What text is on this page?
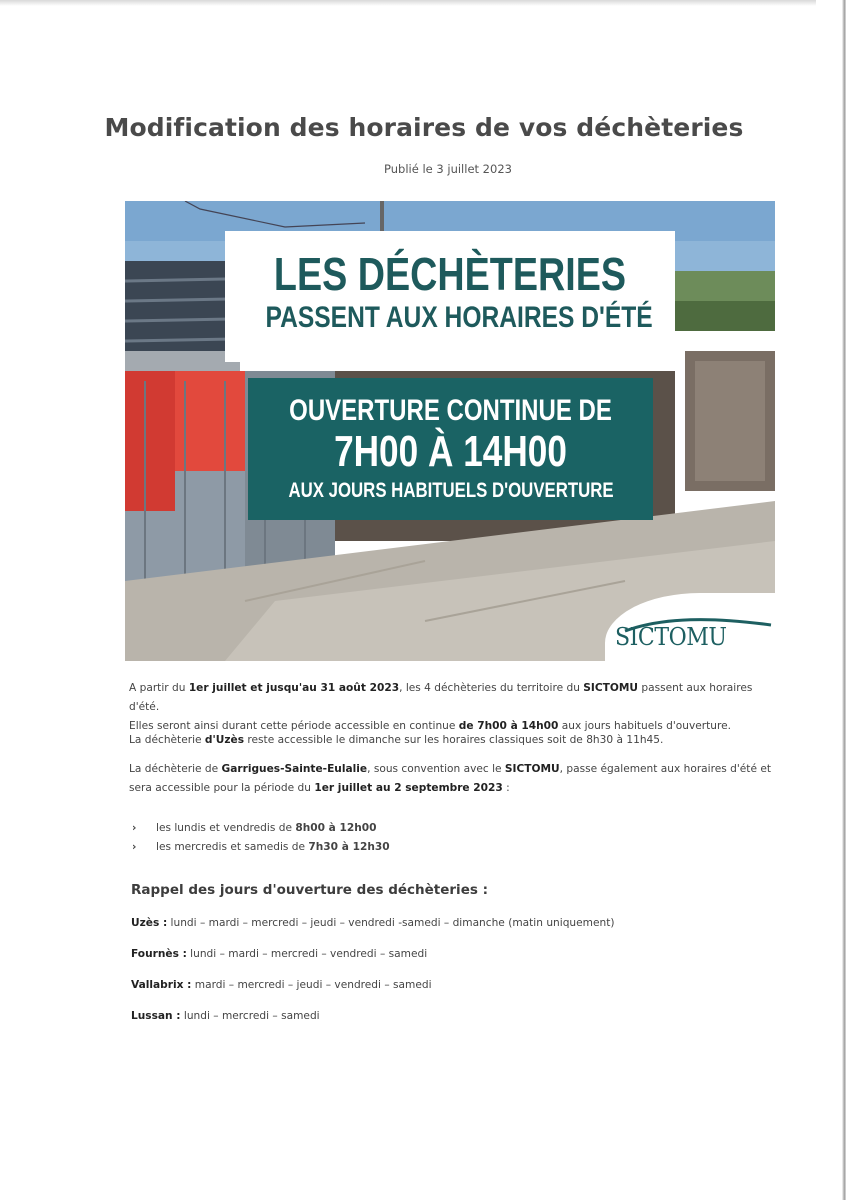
Modification des horaires de vos déchèteries
Publié le 3 juillet 2023
LES DÉCHÈTERIES
PASSENT AUX HORAIRES D'ÉTÉ
OUVERTURE CONTINUE DE
7H00 À 14H00
AUX JOURS HABITUELS D'OUVERTURE
SICTOMU

A partir du 1er juillet et jusqu'au 31 août 2023, les 4 déchèteries du territoire du SICTOMU passent aux horaires d'été.
Elles seront ainsi durant cette période accessible en continue de 7h00 à 14h00 aux jours habituels d'ouverture.

La déchèterie d'Uzès reste accessible le dimanche sur les horaires classiques soit de 8h30 à 11h45.

La déchèterie de Garrigues-Sainte-Eulalie, sous convention avec le SICTOMU, passe également aux horaires d'été et
sera accessible pour la période du 1er juillet au 2 septembre 2023 :

› les lundis et vendredis de 8h00 à 12h00
› les mercredis et samedis de 7h30 à 12h30
Rappel des jours d'ouverture des déchèteries :
Uzès : lundi – mardi – mercredi – jeudi – vendredi -samedi – dimanche (matin uniquement)
Fournès : lundi – mardi – mercredi – vendredi – samedi
Vallabrix : mardi – mercredi – jeudi – vendredi – samedi
Lussan : lundi – mercredi – samedi
